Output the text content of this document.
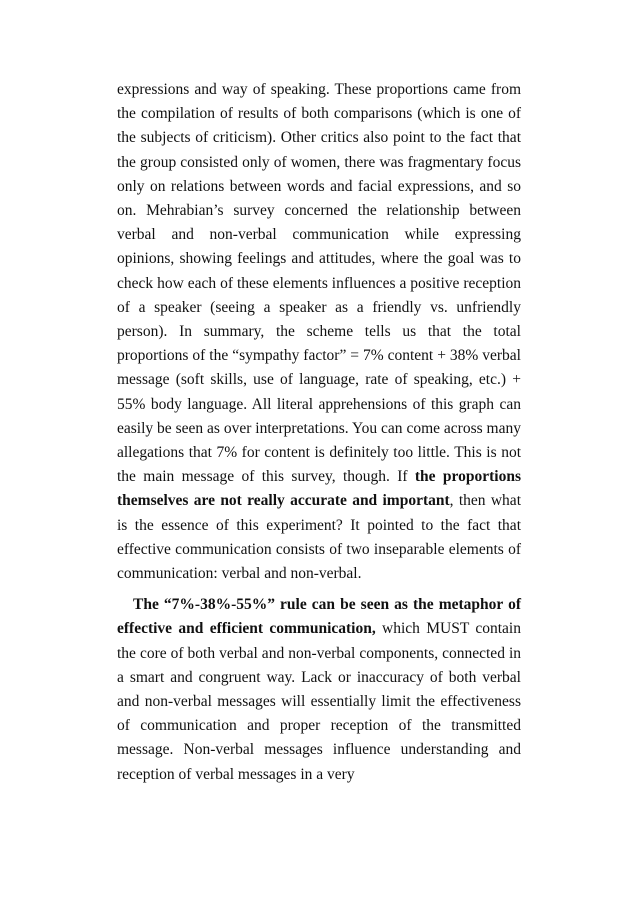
expressions and way of speaking. These proportions came from the compilation of results of both comparisons (which is one of the subjects of criticism). Other critics also point to the fact that the group consisted only of women, there was fragmentary focus only on relations between words and facial expressions, and so on. Mehrabian’s survey concerned the relationship between verbal and non-verbal communication while expressing opinions, showing feelings and attitudes, where the goal was to check how each of these elements influences a positive reception of a speaker (seeing a speaker as a friendly vs. unfriendly person). In summary, the scheme tells us that the total proportions of the “sympathy factor” = 7% content + 38% verbal message (soft skills, use of language, rate of speaking, etc.) + 55% body language. All literal apprehensions of this graph can easily be seen as over interpretations. You can come across many allegations that 7% for content is definitely too little. This is not the main message of this survey, though. If the proportions themselves are not really accurate and important, then what is the essence of this experiment? It pointed to the fact that effective communication consists of two inseparable elements of communication: verbal and non-verbal.

The “7%-38%-55%” rule can be seen as the metaphor of effective and efficient communication, which MUST contain the core of both verbal and non-verbal components, connected in a smart and congruent way. Lack or inaccuracy of both verbal and non-verbal messages will essentially limit the effectiveness of communication and proper reception of the transmitted message. Non-verbal messages influence understanding and reception of verbal messages in a very
